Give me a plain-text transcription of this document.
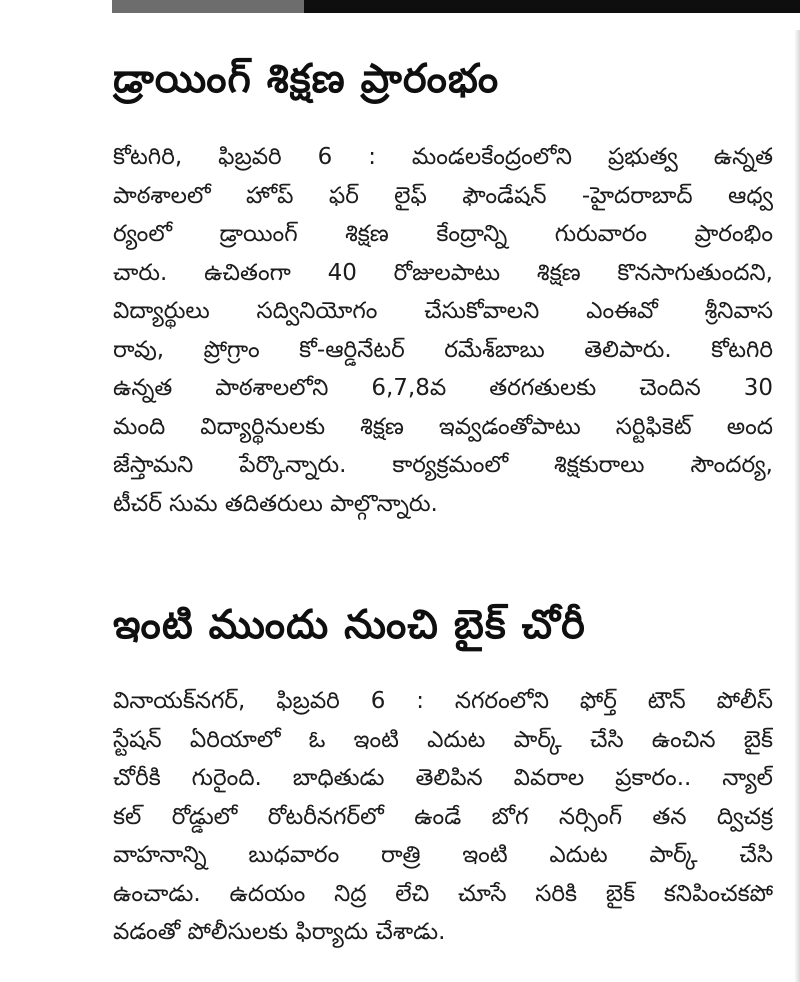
డ్రాయింగ్ శిక్షణ ప్రారంభం
కోటగిరి, ఫిబ్రవరి 6 : మండలకేంద్రంలోని ప్రభుత్వ ఉన్నత
పాఠశాలలో హోప్ ఫర్ లైఫ్ ఫౌండేషన్ -హైదరాబాద్ ఆధ్వ
ర్యంలో డ్రాయింగ్ శిక్షణ కేంద్రాన్ని గురువారం ప్రారంభిం
చారు. ఉచితంగా 40 రోజులపాటు శిక్షణ కొనసాగుతుందని,
విద్యార్థులు సద్వినియోగం చేసుకోవాలని ఎంఈవో శ్రీనివాస
రావు, ప్రోగ్రాం కో-ఆర్డినేటర్ రమేశ్‌బాబు తెలిపారు. కోటగిరి
ఉన్నత పాఠశాలలోని 6,7,8వ తరగతులకు చెందిన 30
మంది విద్యార్థినులకు శిక్షణ ఇవ్వడంతోపాటు సర్టిఫికెట్ అంద
జేస్తామని పేర్కొన్నారు. కార్యక్రమంలో శిక్షకురాలు సౌందర్య,
టీచర్ సుమ తదితరులు పాల్గొన్నారు.
ఇంటి ముందు నుంచి బైక్ చోరీ
వినాయక్‌నగర్, ఫిబ్రవరి 6 : నగరంలోని ఫోర్త్ టౌన్ పోలీస్
స్టేషన్ ఏరియాలో ఓ ఇంటి ఎదుట పార్క్ చేసి ఉంచిన బైక్
చోరీకి గురైంది. బాధితుడు తెలిపిన వివరాల ప్రకారం.. న్యాల్
కల్ రోడ్డులో రోటరీనగర్‌లో ఉండే బోగ నర్సింగ్ తన ద్విచక్ర
వాహనాన్ని బుధవారం రాత్రి ఇంటి ఎదుట పార్క్ చేసి
ఉంచాడు. ఉదయం నిద్ర లేచి చూసే సరికి బైక్ కనిపించకపో
వడంతో పోలీసులకు ఫిర్యాదు చేశాడు.
